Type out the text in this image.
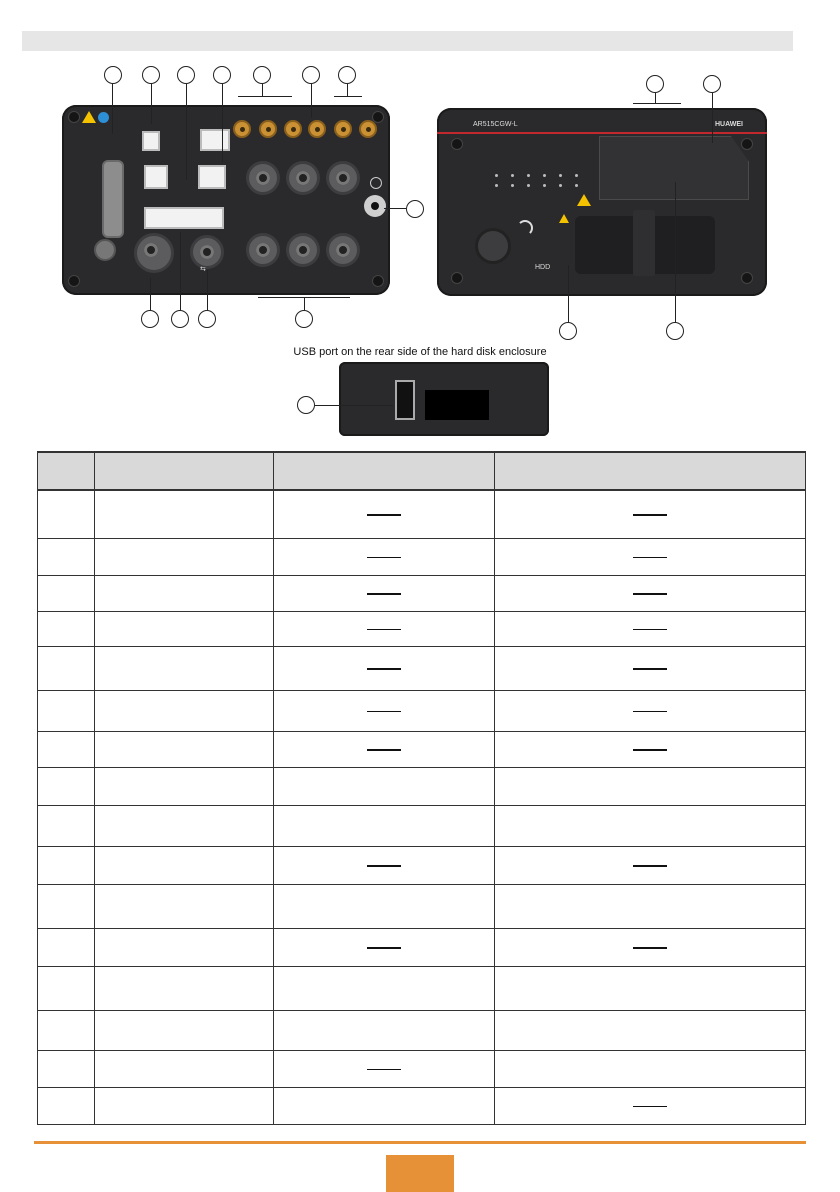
⇆
AR515CGW-L	HUAWEI
HDD
USB port on the rear side of the hard disk enclosure
